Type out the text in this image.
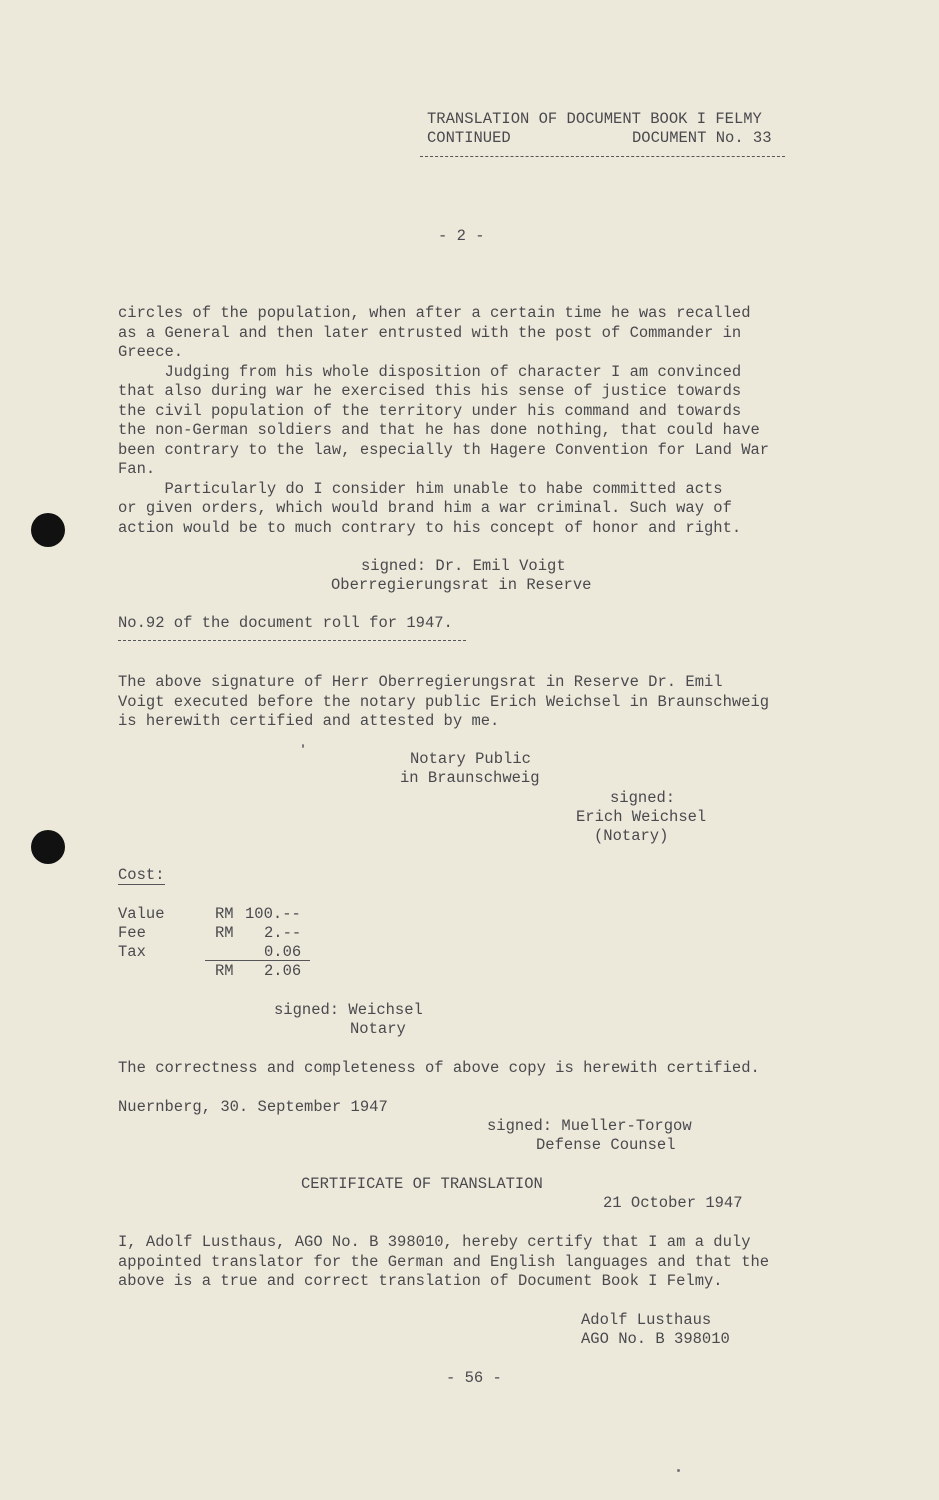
TRANSLATION OF DOCUMENT BOOK I FELMY
CONTINUED	DOCUMENT No. 33
- 2 -
circles of the population, when after a certain time he was recalled
as a General and then later entrusted with the post of Commander in
Greece.
Judging from his whole disposition of character I am convinced
that also during war he exercised this his sense of justice towards
the civil population of the territory under his command and towards
the non-German soldiers and that he has done nothing, that could have
been contrary to the law, especially th Hagere Convention for Land War
Fan.
Particularly do I consider him unable to habe committed acts
or given orders, which would brand him a war criminal. Such way of
action would be to much contrary to his concept of honor and right.
signed: Dr. Emil Voigt
Oberregierungsrat in Reserve
No.92 of the document roll for 1947.
The above signature of Herr Oberregierungsrat in Reserve Dr. Emil
Voigt executed before the notary public Erich Weichsel in Braunschweig
is herewith certified and attested by me.
Notary Public
in Braunschweig
signed:
Erich Weichsel
(Notary)
Cost:
Value	RM 100.--
Fee	RM 2.--
Tax	0.06
RM 2.06
signed: Weichsel
Notary
The correctness and completeness of above copy is herewith certified.
Nuernberg, 30. September 1947
signed: Mueller-Torgow
Defense Counsel
CERTIFICATE OF TRANSLATION
21 October 1947
I, Adolf Lusthaus, AGO No. B 398010, hereby certify that I am a duly
appointed translator for the German and English languages and that the
above is a true and correct translation of Document Book I Felmy.
Adolf Lusthaus
AGO No. B 398010
- 56 -
